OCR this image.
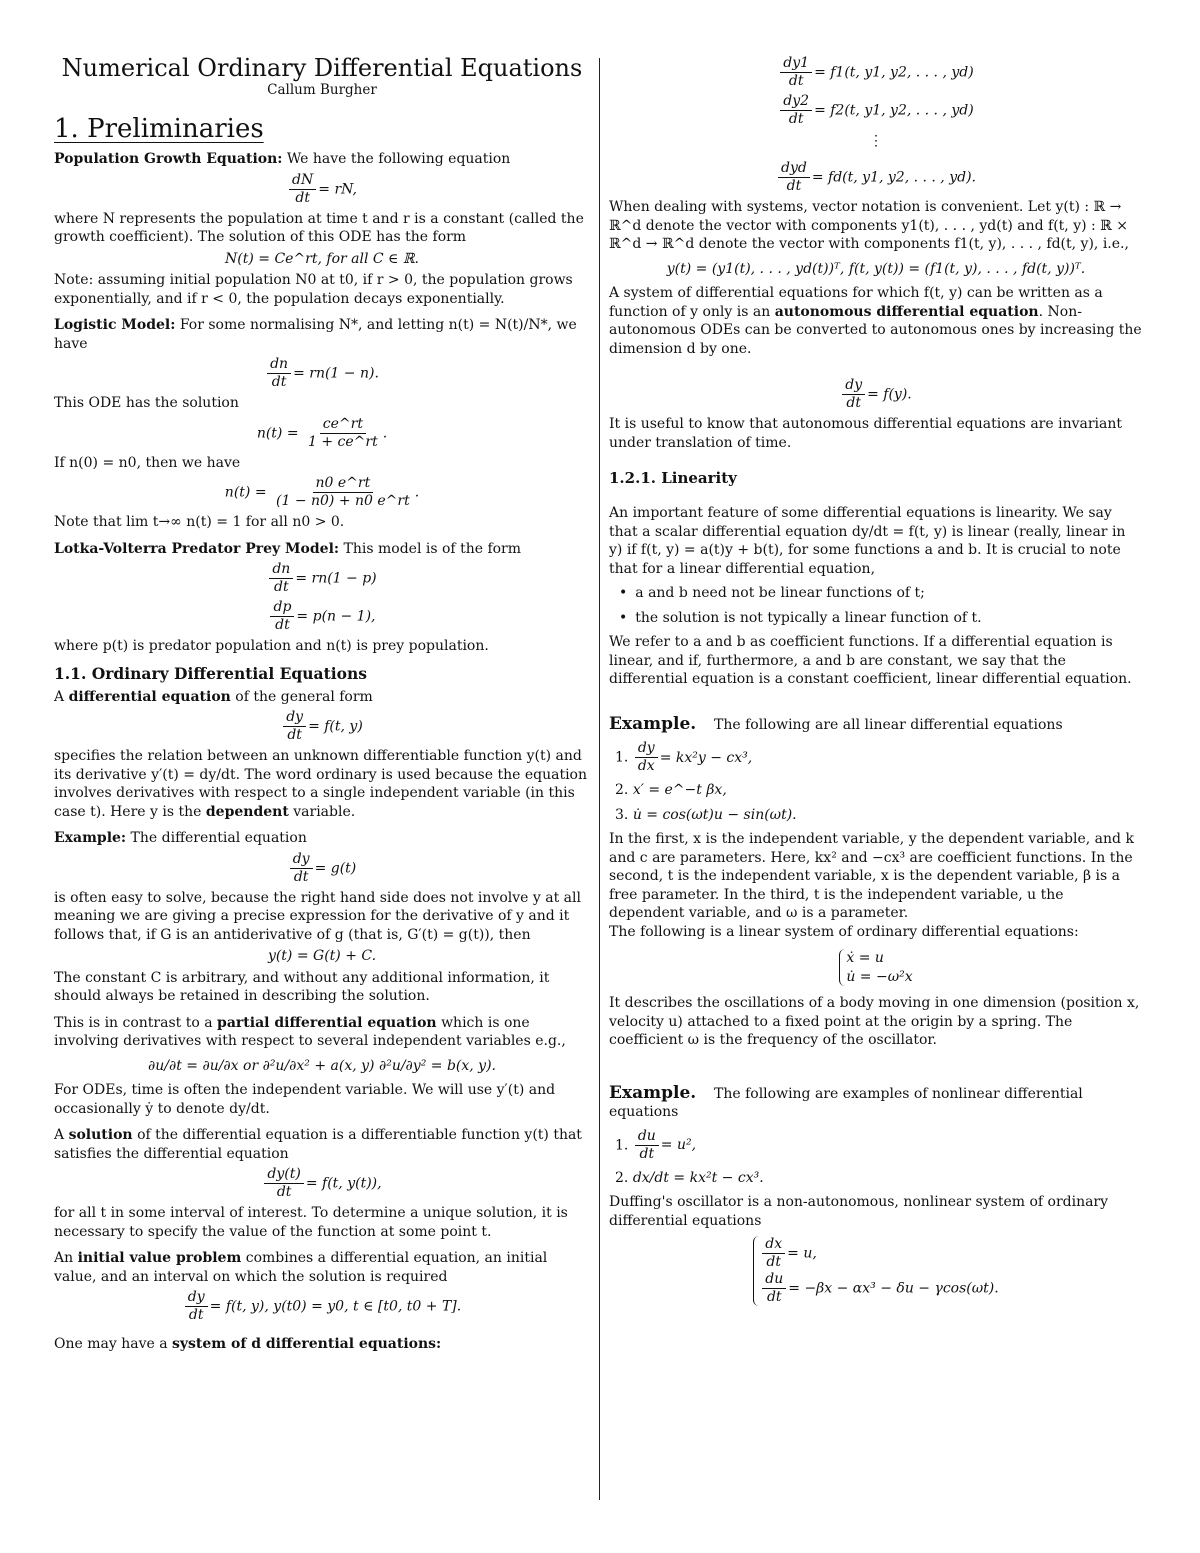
Numerical Ordinary Differential Equations

Callum Burgher

1. Preliminaries

Population Growth Equation: We have the following equation

$\frac{dN}{dt}$ = rN,

where N represents the population at time t and r is a constant (called the growth coefficient). The solution of this ODE has the form

N(t) = Ce^rt, for all C ∈ ℝ.

Note: assuming initial population N0 at t0, if r > 0, the population grows exponentially, and if r < 0, the population decays exponentially.

Logistic Model: For some normalising N*, and letting n(t) = N(t)/N*, we have

$\frac{dn}{dt} = rn(1 - n)$.

This ODE has the solution

$n(t) = \frac{ce\^{}rt}{1 + ce\^{}rt}$ .

If n(0) = n0, then we have

$n(t) = \frac{n0 e\^{}rt}{(1 - n0) + n0 e\^{}rt}$ .

Note that lim t→∞ n(t) = 1 for all n0 > 0.

Lotka-Volterra Predator Prey Model: This model is of the form

$\frac{dn}{dt} = rn(1 - p)$
$\frac{dp}{dt} = p(n - 1)$,

where p(t) is predator population and n(t) is prey population.

1.1. Ordinary Differential Equations

A differential equation of the general form

$\frac{dy}{dt} = f(t$, y)

specifies the relation between an unknown differentiable function y(t) and its derivative y′(t) = dy/dt. The word ordinary is used because the equation involves derivatives with respect to a single independent variable (in this case t). Here y is the dependent variable.

Example: The differential equation

$\frac{dy}{dt} = g(t)$

is often easy to solve, because the right hand side does not involve y at all meaning we are giving a precise expression for the derivative of y and it follows that, if G is an antiderivative of g (that is, G′(t) = g(t)), then

y(t) = G(t) + C.

The constant C is arbitrary, and without any additional information, it should always be retained in describing the solution.

This is in contrast to a partial differential equation which is one involving derivatives with respect to several independent variables e.g.,

∂u/∂t = ∂u/∂x or ∂²u/∂x² + a(x, y) ∂²u/∂y² = b(x, y).

For ODEs, time is often the independent variable. We will use y′(t) and occasionally ẏ to denote dy/dt.

A solution of the differential equation is a differentiable function y(t) that satisfies the differential equation

$\frac{dy(t)}{dt} = f(t$, y(t)),

for all t in some interval of interest. To determine a unique solution, it is necessary to specify the value of the function at some point t.

An initial value problem combines a differential equation, an initial value, and an interval on which the solution is required

$\frac{dy}{dt} = f(t$, y), y(t0) = y0, t ∈ [t0, t0 + T].

One may have a system of d differential equations:

$\frac{dy1}{dt} = f1(t$, y1, y2, . . . , yd)
$\frac{dy2}{dt} = f2(t$, y1, y2, . . . , yd)
⋮
$\frac{\text{dyd}}{dt} = fd(t$, y1, y2, . . . , yd).

When dealing with systems, vector notation is convenient. Let y(t) : ℝ → ℝ^d denote the vector with components y1(t), . . . , yd(t) and f(t, y) : ℝ × ℝ^d → ℝ^d denote the vector with components f1(t, y), . . . , fd(t, y), i.e.,

y(t) = (y1(t), . . . , yd(t))ᵀ, f(t, y(t)) = (f1(t, y), . . . , fd(t, y))ᵀ.

A system of differential equations for which f(t, y) can be written as a function of y only is an autonomous differential equation. Non-autonomous ODEs can be converted to autonomous ones by increasing the dimension d by one.

$\frac{dy}{dt} = f(y)$.

It is useful to know that autonomous differential equations are invariant under translation of time.

1.2.1. Linearity

An important feature of some differential equations is linearity. We say that a scalar differential equation dy/dt = f(t, y) is linear (really, linear in y) if f(t, y) = a(t)y + b(t), for some functions a and b. It is crucial to note that for a linear differential equation,

• a and b need not be linear functions of t;

• the solution is not typically a linear function of t.

We refer to a and b as coefficient functions. If a differential equation is linear, and if, furthermore, a and b are constant, we say that the differential equation is a constant coefficient, linear differential equation.

Example. The following are all linear differential equations

1. $\frac{dy}{dx} = kx^2y - cx^3$,

2. x′ = e^−t βx,

3. u̇ = cos(ωt)u − sin(ωt).

In the first, x is the independent variable, y the dependent variable, and k and c are parameters. Here, kx² and −cx³ are coefficient functions. In the second, t is the independent variable, x is the dependent variable, β is a free parameter. In the third, t is the independent variable, u the dependent variable, and ω is a parameter.

The following is a linear system of ordinary differential equations:

ẋ = u
u̇ = −ω²x

It describes the oscillations of a body moving in one dimension (position x, velocity u) attached to a fixed point at the origin by a spring. The coefficient ω is the frequency of the oscillator.

Example. The following are examples of nonlinear differential equations

1. $\frac{du}{dt} = u^2$,

2. dx/dt = kx²t − cx³.

Duffing's oscillator is a non-autonomous, nonlinear system of ordinary differential equations

$\frac{dx}{dt} = u$,

$\frac{du}{dt} = -\beta x - \alpha x^3 - \delta u - \gamma\cos(\omega t)$.
